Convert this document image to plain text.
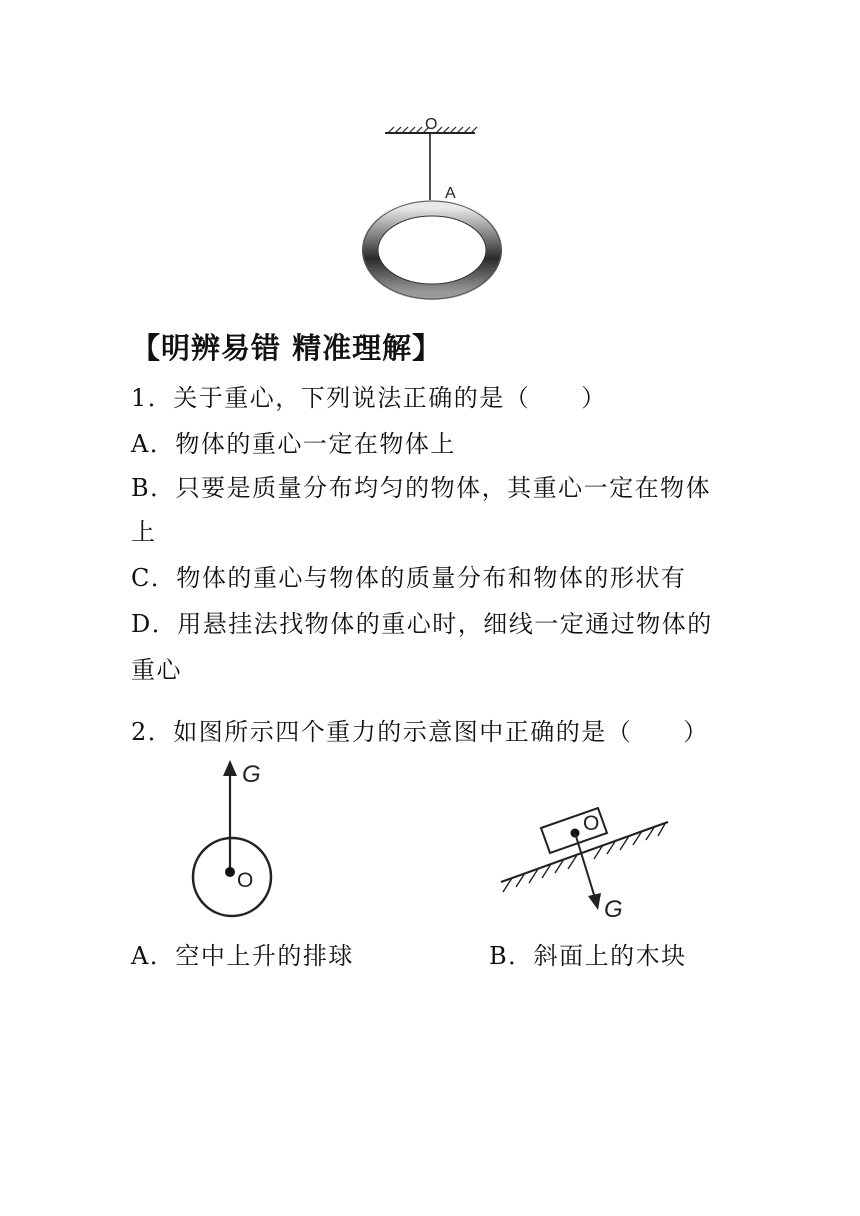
O
A
【明辨易错 精准理解】
1．关于重心，下列说法正确的是（　　）
A．物体的重心一定在物体上
B．只要是质量分布均匀的物体，其重心一定在物体
上
C．物体的重心与物体的质量分布和物体的形状有
D．用悬挂法找物体的重心时，细线一定通过物体的
重心
2．如图所示四个重力的示意图中正确的是（　　）
G
O
O
G
A．空中上升的排球	B．斜面上的木块
